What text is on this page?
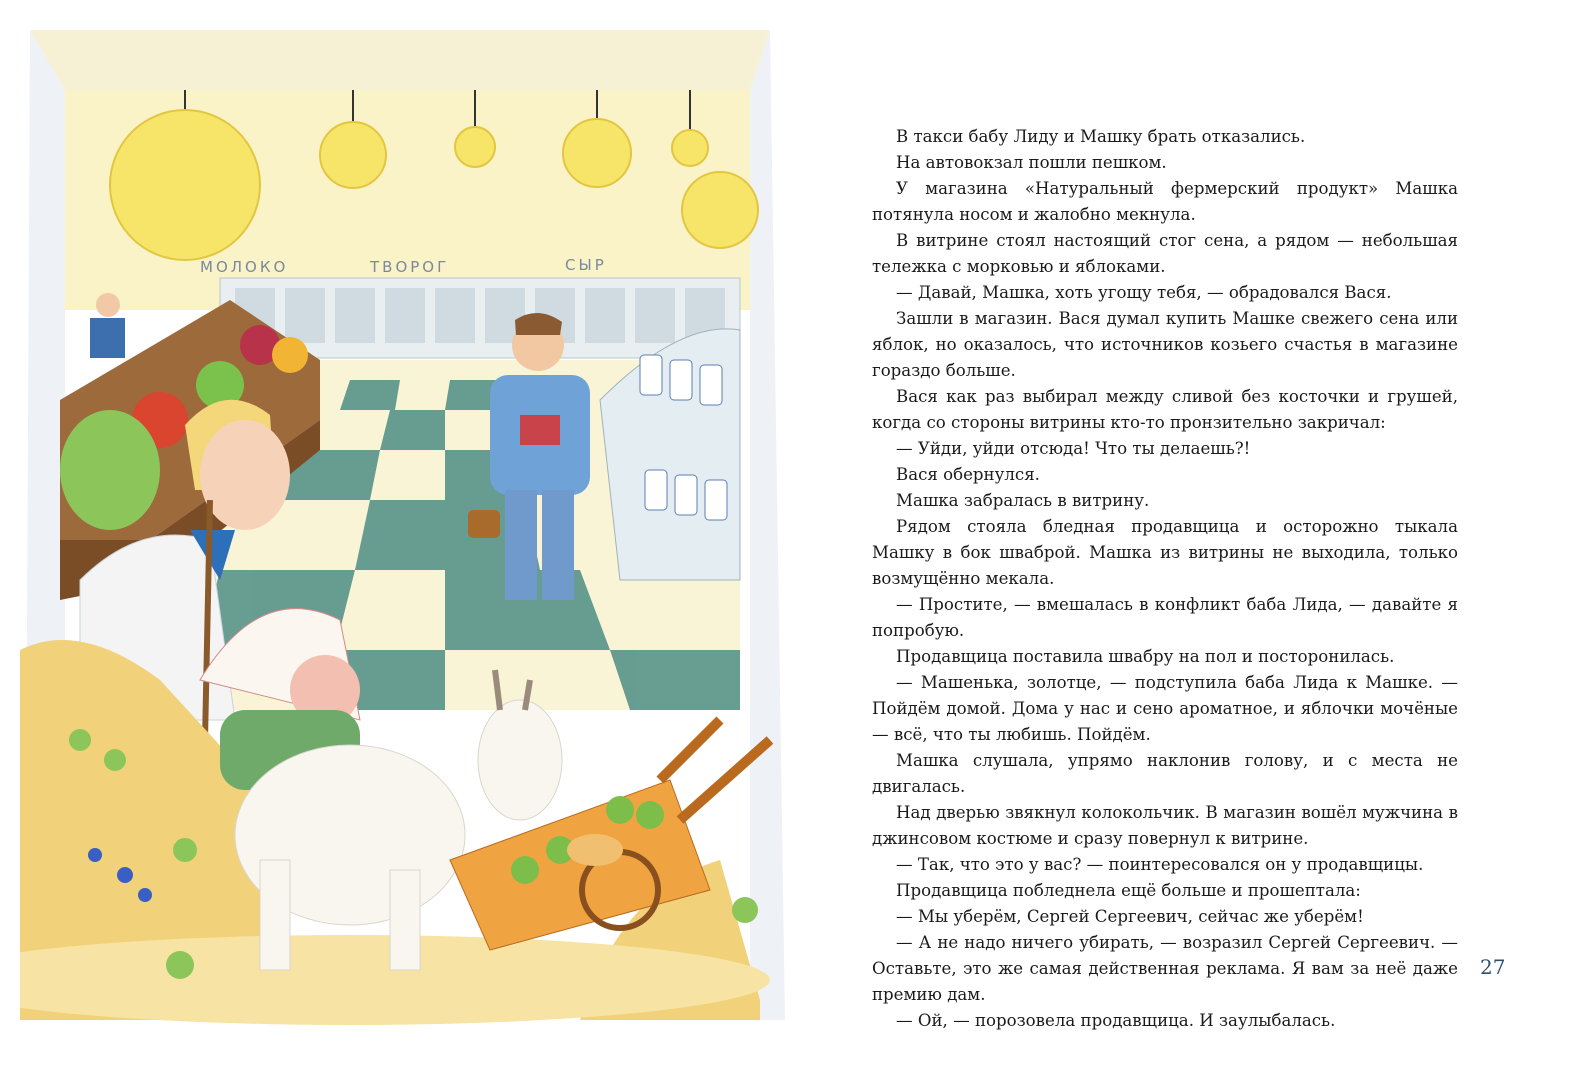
МОЛОКО	ТВОРОГ	СЫР

В такси бабу Лиду и Машку брать отказались.

На автовокзал пошли пешком.

У магазина «Натуральный фермерский продукт» Машка потянула носом и жалобно мекнула.

В витрине стоял настоящий стог сена, а рядом — небольшая тележка с морковью и яблоками.

— Давай, Машка, хоть угощу тебя, — обрадовался Вася.

Зашли в магазин. Вася думал купить Машке свежего сена или яблок, но оказалось, что источников козьего счастья в магазине гораздо больше.

Вася как раз выбирал между сливой без косточки и грушей, когда со стороны витрины кто-то пронзительно закричал:

— Уйди, уйди отсюда! Что ты делаешь?!

Вася обернулся.

Машка забралась в витрину.

Рядом стояла бледная продавщица и осторожно тыкала Машку в бок шваброй. Машка из витрины не выходила, только возмущённо мекала.

— Простите, — вмешалась в конфликт баба Лида, — давайте я попробую.

Продавщица поставила швабру на пол и посторонилась.

— Машенька, золотце, — подступила баба Лида к Машке. — Пойдём домой. Дома у нас и сено ароматное, и яблочки мочёные — всё, что ты любишь. Пойдём.

Машка слушала, упрямо наклонив голову, и с места не двигалась.

Над дверью звякнул колокольчик. В магазин вошёл мужчина в джинсовом костюме и сразу повернул к витрине.

— Так, что это у вас? — поинтересовался он у продавщицы.

Продавщица побледнела ещё больше и прошептала:

— Мы уберём, Сергей Сергеевич, сейчас же уберём!

— А не надо ничего убирать, — возразил Сергей Сергеевич. — Оставьте, это же самая действенная реклама. Я вам за неё даже премию дам.

— Ой, — порозовела продавщица. И заулыбалась.

27
